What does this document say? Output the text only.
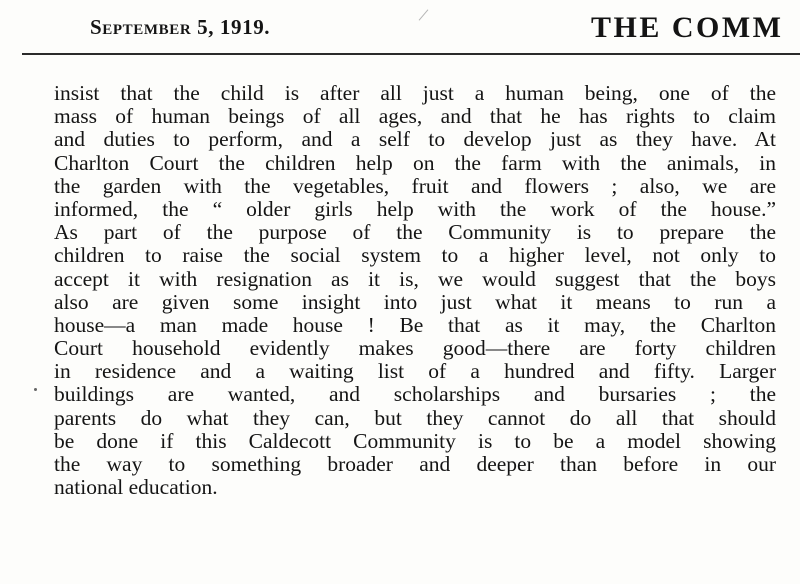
September 5, 1919.	THE COMM
insist that the child is after all just a human being, one of the
mass of human beings of all ages, and that he has rights to claim
and duties to perform, and a self to develop just as they have. At
Charlton Court the children help on the farm with the animals, in
the garden with the vegetables, fruit and flowers ; also, we are
informed, the “ older girls help with the work of the house.”
As part of the purpose of the Community is to prepare the
children to raise the social system to a higher level, not only to
accept it with resignation as it is, we would suggest that the boys
also are given some insight into just what it means to run a
house—a man made house ! Be that as it may, the Charlton
Court household evidently makes good—there are forty children
in residence and a waiting list of a hundred and fifty. Larger
buildings are wanted, and scholarships and bursaries ; the
parents do what they can, but they cannot do all that should
be done if this Caldecott Community is to be a model showing
the way to something broader and deeper than before in our
national education.
